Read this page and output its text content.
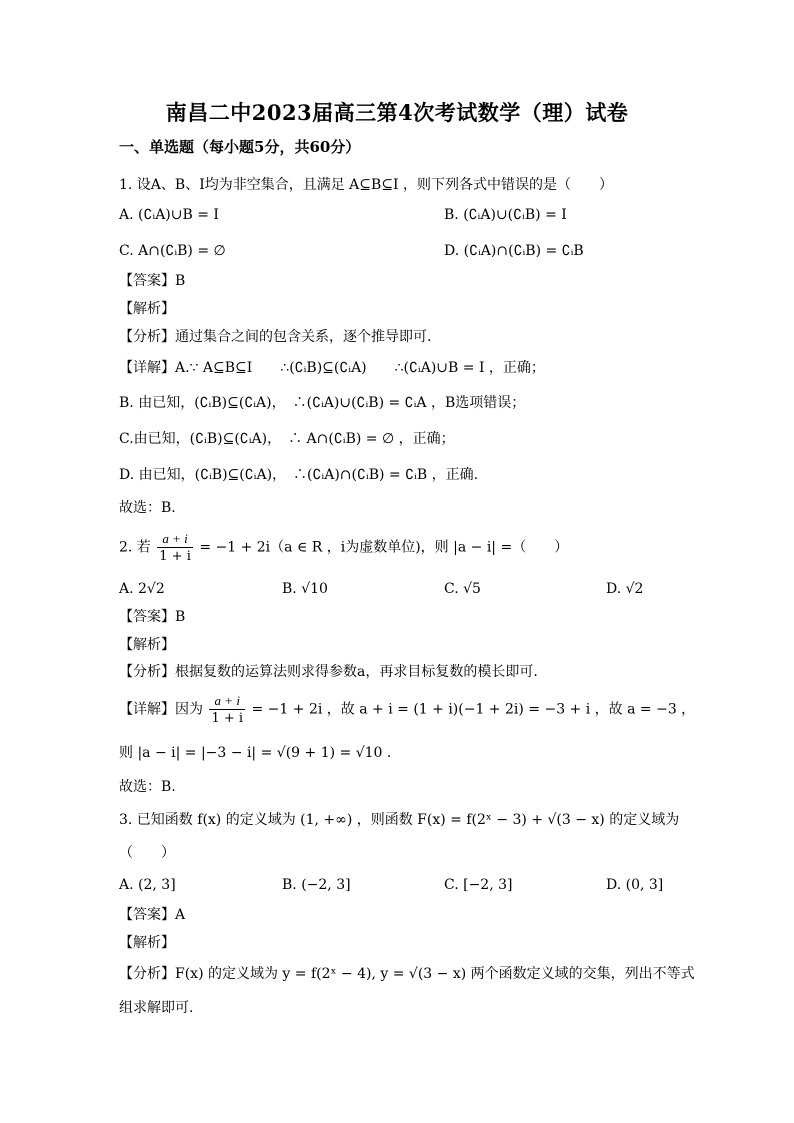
南昌二中2023届高三第4次考试数学（理）试卷
一、单选题（每小题5分，共60分）
1. 设A、B、I均为非空集合，且满足 A⊆B⊆I ，则下列各式中错误的是（　　）
A. (∁ᵢA)∪B = I	B. (∁ᵢA)∪(∁ᵢB) = I
C. A∩(∁ᵢB) = ∅	D. (∁ᵢA)∩(∁ᵢB) = ∁ᵢB
【答案】B
【解析】
【分析】通过集合之间的包含关系，逐个推导即可.
【详解】A.∵ A⊆B⊆I　　∴(∁ᵢB)⊆(∁ᵢA)　　∴(∁ᵢA)∪B = I ，正确；
B. 由已知，(∁ᵢB)⊆(∁ᵢA)，　∴(∁ᵢA)∪(∁ᵢB) = ∁ᵢA ，B选项错误；
C.由已知，(∁ᵢB)⊆(∁ᵢA)，　∴ A∩(∁ᵢB) = ∅ ，正确；
D. 由已知，(∁ᵢB)⊆(∁ᵢA)，　∴(∁ᵢA)∩(∁ᵢB) = ∁ᵢB ，正确.
故选：B.
2. 若 $\frac{a + i}{1 + i} = -1 + 2i(a$ ∈ R ，i为虚数单位)，则 |a − i| =（　　）
A. 2√2	B. √10	C. √5	D. √2
【答案】B
【解析】
【分析】根据复数的运算法则求得参数a，再求目标复数的模长即可.
【详解】因为 $\frac{a + i}{1 + i} = -1 + 2i$ ，故 a + i = (1 + i)(−1 + 2i) = −3 + i ，故 a = −3 ，
则 |a − i| = |−3 − i| = √(9 + 1) = √10 .
故选：B.
3. 已知函数 f(x) 的定义域为 (1, +∞) ，则函数 F(x) = f(2ˣ − 3) + √(3 − x) 的定义域为
（　　）
A. (2, 3]	B. (−2, 3]	C. [−2, 3]	D. (0, 3]
【答案】A
【解析】
【分析】F(x) 的定义域为 y = f(2ˣ − 4), y = √(3 − x) 两个函数定义域的交集，列出不等式
组求解即可.
